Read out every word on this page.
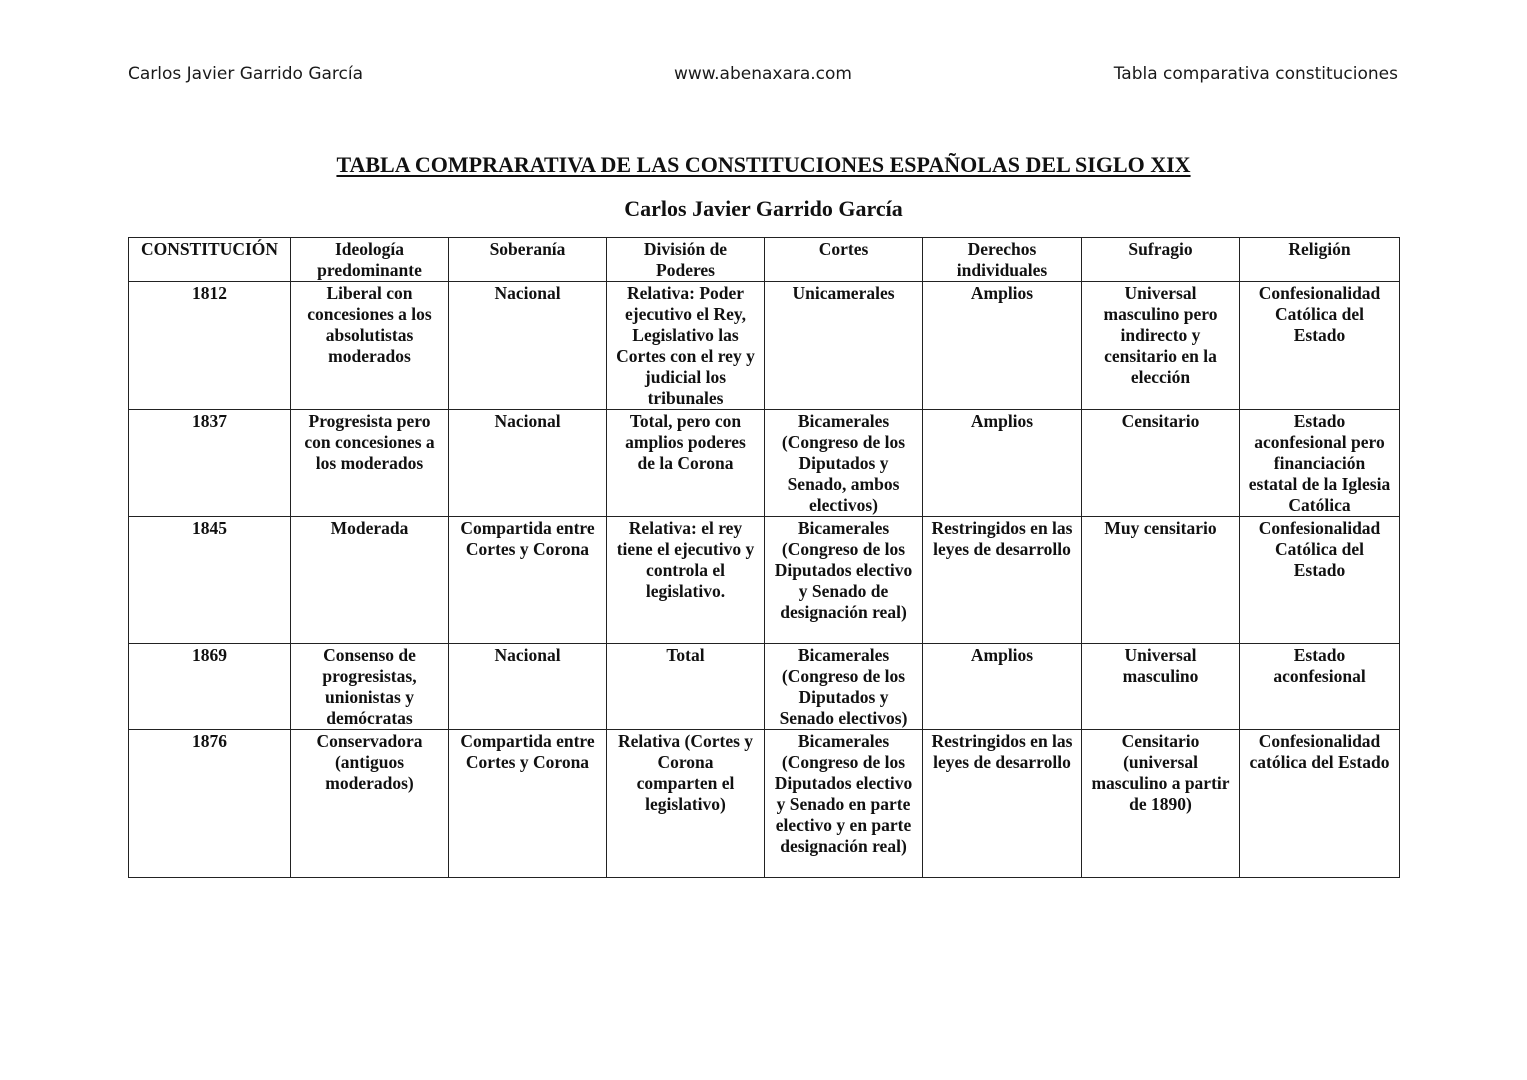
Carlos Javier Garrido García	www.abenaxara.com	Tabla comparativa constituciones
TABLA COMPRARATIVA DE LAS CONSTITUCIONES ESPAÑOLAS DEL SIGLO XIX
Carlos Javier Garrido García
CONSTITUCIÓN	Ideología predominante	Soberanía	División de Poderes	Cortes	Derechos individuales	Sufragio	Religión
1812	Liberal con concesiones a los absolutistas moderados	Nacional	Relativa: Poder ejecutivo el Rey, Legislativo las Cortes con el rey y judicial los tribunales	Unicamerales	Amplios	Universal masculino pero indirecto y censitario en la elección	Confesionalidad Católica del Estado
1837	Progresista pero con concesiones a los moderados	Nacional	Total, pero con amplios poderes de la Corona	Bicamerales (Congreso de los Diputados y Senado, ambos electivos)	Amplios	Censitario	Estado aconfesional pero financiación estatal de la Iglesia Católica
1845	Moderada	Compartida entre Cortes y Corona	Relativa: el rey tiene el ejecutivo y controla el legislativo.	Bicamerales (Congreso de los Diputados electivo y Senado de designación real)	Restringidos en las leyes de desarrollo	Muy censitario	Confesionalidad Católica del Estado
1869	Consenso de progresistas, unionistas y demócratas	Nacional	Total	Bicamerales (Congreso de los Diputados y Senado electivos)	Amplios	Universal masculino	Estado aconfesional
1876	Conservadora (antiguos moderados)	Compartida entre Cortes y Corona	Relativa (Cortes y Corona comparten el legislativo)	Bicamerales (Congreso de los Diputados electivo y Senado en parte electivo y en parte designación real)	Restringidos en las leyes de desarrollo	Censitario (universal masculino a partir de 1890)	Confesionalidad católica del Estado
